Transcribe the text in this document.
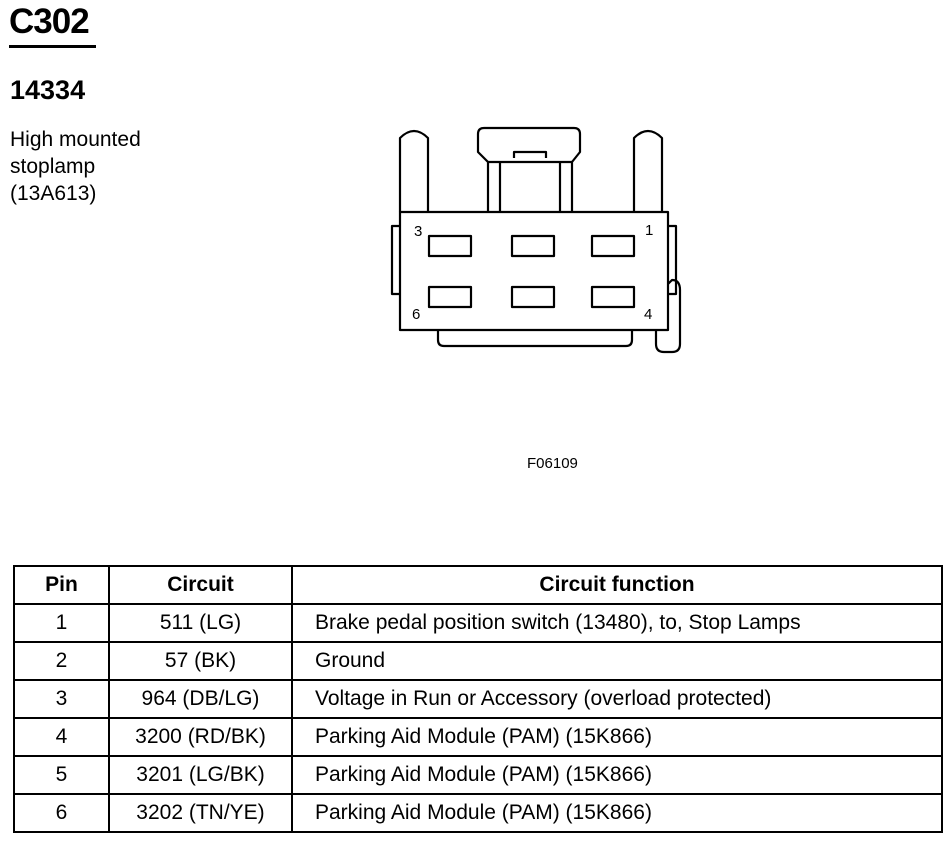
C302
14334
High mounted
stoplamp
(13A613)
3	1
6	4
F06109
Pin	Circuit	Circuit function
1	511 (LG)	Brake pedal position switch (13480), to, Stop Lamps
2	57 (BK)	Ground
3	964 (DB/LG)	Voltage in Run or Accessory (overload protected)
4	3200 (RD/BK)	Parking Aid Module (PAM) (15K866)
5	3201 (LG/BK)	Parking Aid Module (PAM) (15K866)
6	3202 (TN/YE)	Parking Aid Module (PAM) (15K866)
